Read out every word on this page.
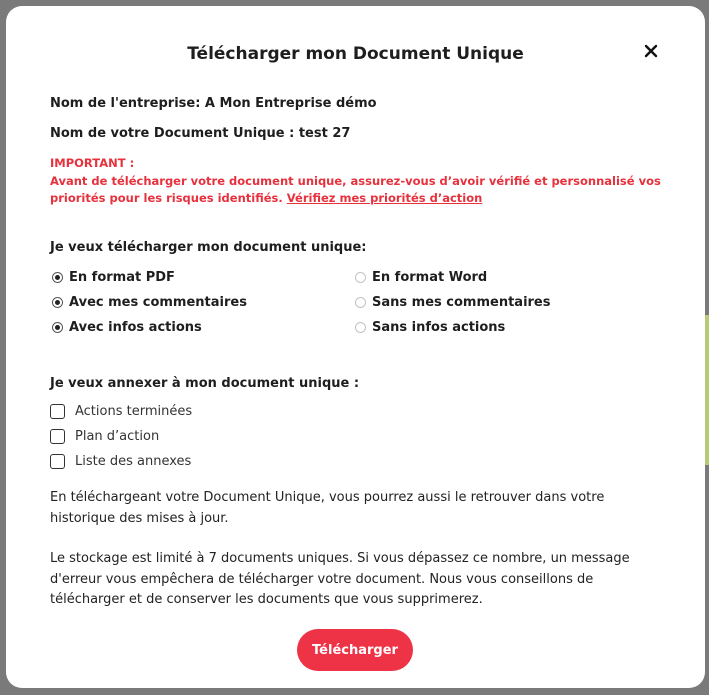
Télécharger mon Document Unique
Nom de l'entreprise: A Mon Entreprise démo
Nom de votre Document Unique : test 27
IMPORTANT :
Avant de télécharger votre document unique, assurez-vous d’avoir vérifié et personnalisé vos priorités pour les risques identifiés. Vérifiez mes priorités d’action
Je veux télécharger mon document unique:
En format PDF	En format Word
Avec mes commentaires	Sans mes commentaires
Avec infos actions	Sans infos actions
Je veux annexer à mon document unique :
Actions terminées
Plan d’action
Liste des annexes
En téléchargeant votre Document Unique, vous pourrez aussi le retrouver dans votre historique des mises à jour.
Le stockage est limité à 7 documents uniques. Si vous dépassez ce nombre, un message d'erreur vous empêchera de télécharger votre document. Nous vous conseillons de télécharger et de conserver les documents que vous supprimerez.
Télécharger
